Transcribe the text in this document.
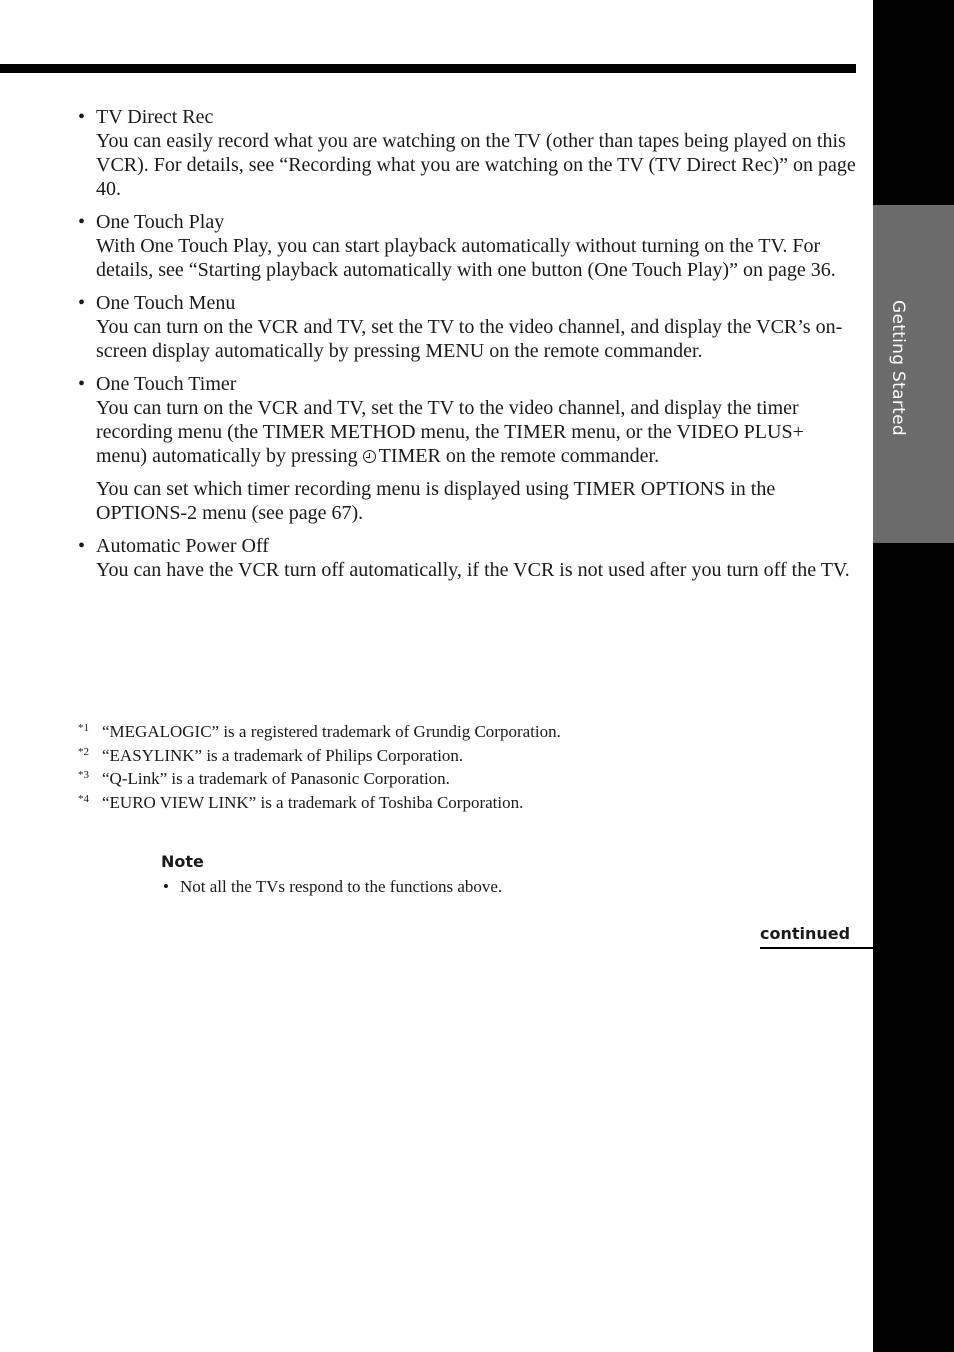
Getting Started
• TV Direct Rec
You can easily record what you are watching on the TV (other than tapes being played on this VCR). For details, see “Recording what you are watching on the TV (TV Direct Rec)” on page 40.
• One Touch Play
With One Touch Play, you can start playback automatically without turning on the TV. For details, see “Starting playback automatically with one button (One Touch Play)” on page 36.
• One Touch Menu
You can turn on the VCR and TV, set the TV to the video channel, and display the VCR’s on-screen display automatically by pressing MENU on the remote commander.
• One Touch Timer
You can turn on the VCR and TV, set the TV to the video channel, and display the timer recording menu (the TIMER METHOD menu, the TIMER menu, or the VIDEO PLUS+ menu) automatically by pressing TIMER on the remote commander.
You can set which timer recording menu is displayed using TIMER OPTIONS in the OPTIONS-2 menu (see page 67).
• Automatic Power Off
You can have the VCR turn off automatically, if the VCR is not used after you turn off the TV.
*1 “MEGALOGIC” is a registered trademark of Grundig Corporation.
*2 “EASYLINK” is a trademark of Philips Corporation.
*3 “Q-Link” is a trademark of Panasonic Corporation.
*4 “EURO VIEW LINK” is a trademark of Toshiba Corporation.
Note
• Not all the TVs respond to the functions above.
continued
